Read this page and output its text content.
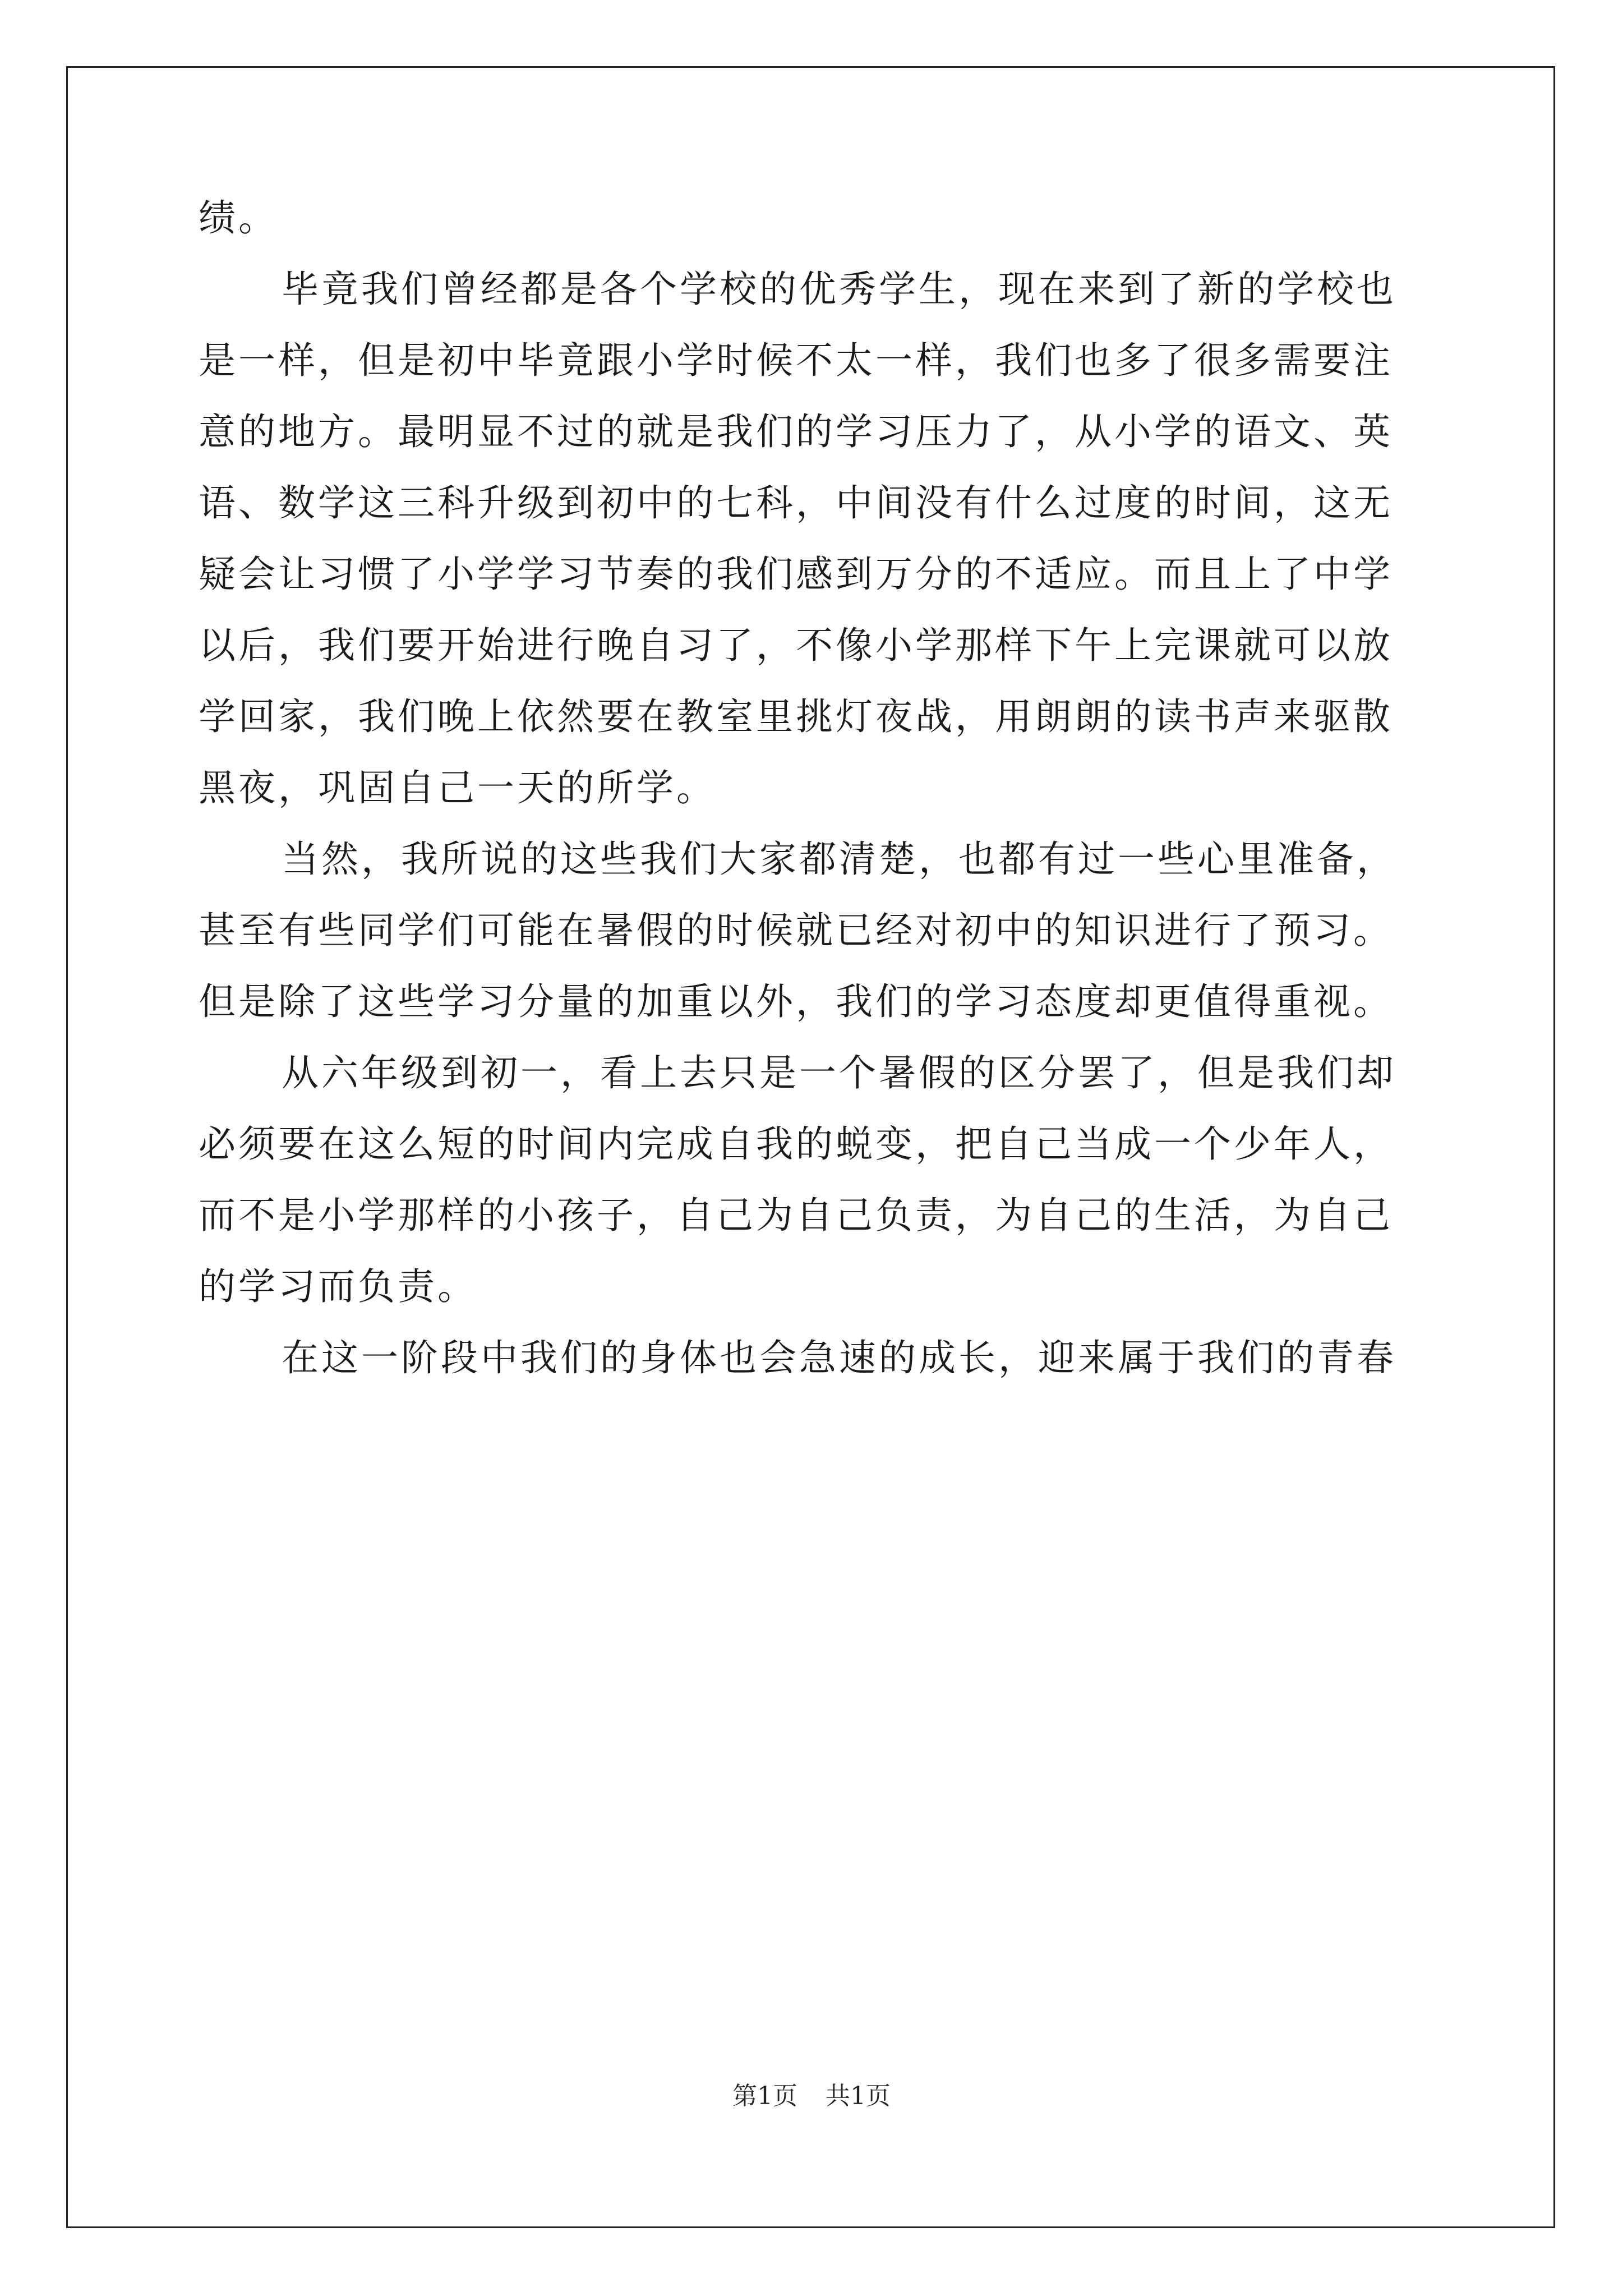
绩。
毕竟我们曾经都是各个学校的优秀学生，现在来到了新的学校也
是一样，但是初中毕竟跟小学时候不太一样，我们也多了很多需要注
意的地方。最明显不过的就是我们的学习压力了，从小学的语文、英
语、数学这三科升级到初中的七科，中间没有什么过度的时间，这无
疑会让习惯了小学学习节奏的我们感到万分的不适应。而且上了中学
以后，我们要开始进行晚自习了，不像小学那样下午上完课就可以放
学回家，我们晚上依然要在教室里挑灯夜战，用朗朗的读书声来驱散
黑夜，巩固自己一天的所学。
当然，我所说的这些我们大家都清楚，也都有过一些心里准备，
甚至有些同学们可能在暑假的时候就已经对初中的知识进行了预习。
但是除了这些学习分量的加重以外，我们的学习态度却更值得重视。
从六年级到初一，看上去只是一个暑假的区分罢了，但是我们却
必须要在这么短的时间内完成自我的蜕变，把自己当成一个少年人，
而不是小学那样的小孩子，自己为自己负责，为自己的生活，为自己
的学习而负责。
在这一阶段中我们的身体也会急速的成长，迎来属于我们的青春
第1页 共1页
